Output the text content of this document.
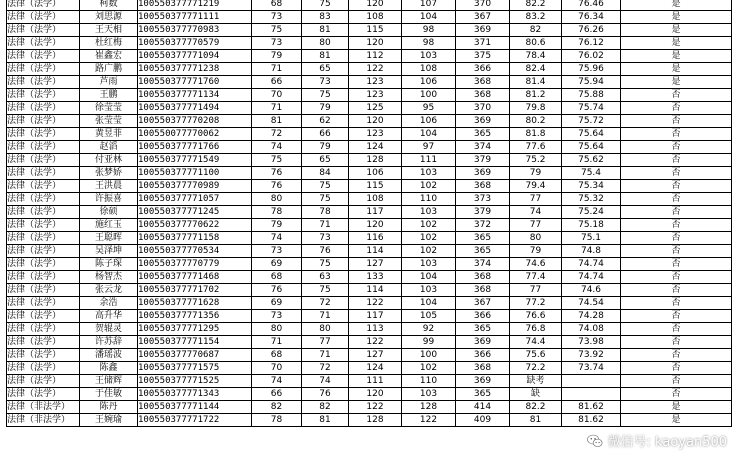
法律（法学）	柯数	100550377771219	68	75	120	107	370	82.2	76.46	是
法律（法学）	刘思源	100550377771111	73	83	108	104	367	83.2	76.34	是
法律（法学）	王天相	100550377770983	75	81	115	98	369	82	76.26	是
法律（法学）	杜红梅	100550377770579	73	80	120	98	371	80.6	76.12	是
法律（法学）	崔鑫宏	100550377771094	79	81	112	103	375	78.4	76.02	是
法律（法学）	路广鹏	100550377771238	71	65	122	108	366	82.4	75.96	是
法律（法学）	芦雨	100550377771760	66	73	123	106	368	81.4	75.94	是
法律（法学）	王鹏	100550377771134	70	75	123	100	368	81.2	75.88	否
法律（法学）	徐莹莹	100550377771494	71	79	125	95	370	79.8	75.74	否
法律（法学）	张莹莹	100550377770208	81	62	120	106	369	80.2	75.72	否
法律（法学）	黄昱菲	100550077770062	72	66	123	104	365	81.8	75.64	否
法律（法学）	赵滔	100550377771766	74	79	124	97	374	77.6	75.64	否
法律（法学）	付亚林	100550377771549	75	65	128	111	379	75.2	75.62	否
法律（法学）	张梦娇	100550377771100	76	84	106	103	369	79	75.4	否
法律（法学）	王洪晨	100550377770989	76	75	115	102	368	79.4	75.34	否
法律（法学）	许振喜	100550377771057	80	75	108	110	373	77	75.32	否
法律（法学）	徐硕	100550377771245	78	78	117	103	379	74	75.24	否
法律（法学）	施红玉	100550377770622	79	71	120	102	372	77	75.18	否
法律（法学）	王聪晖	100550377771158	74	73	116	102	365	80	75.1	否
法律（法学）	吴泽坤	100550377770534	73	76	114	102	365	79	74.8	否
法律（法学）	陈子琛	100550377770779	69	75	127	103	374	74.6	74.74	否
法律（法学）	杨智杰	100550377771468	68	63	133	104	368	77.4	74.74	否
法律（法学）	张云龙	100550377771702	76	75	114	103	368	77	74.6	否
法律（法学）	余浩	100550377771628	69	72	122	104	367	77.2	74.54	否
法律（法学）	高升华	100550377771356	73	71	117	105	366	76.6	74.28	否
法律（法学）	贺辊灵	100550377771295	80	80	113	92	365	76.8	74.08	否
法律（法学）	许苏辞	100550377771154	71	77	122	99	369	74.4	73.98	否
法律（法学）	潘瑶波	100550377770687	68	71	127	100	366	75.6	73.92	否
法律（法学）	陈鑫	100550377771575	70	72	124	102	368	72.2	73.74	否
法律（法学）	王储辉	100550377771525	74	74	111	110	369	缺考		否
法律（法学）	于佳敏	100550377771343	66	76	120	103	365	缺		否
法律（非法学）	陈丹	100550377771144	82	82	122	128	414	82.2	81.62	是
法律（非法学）	王婉瑜	100550377771722	78	81	128	122	409	81	81.62	是
微信号: kaoyan500
